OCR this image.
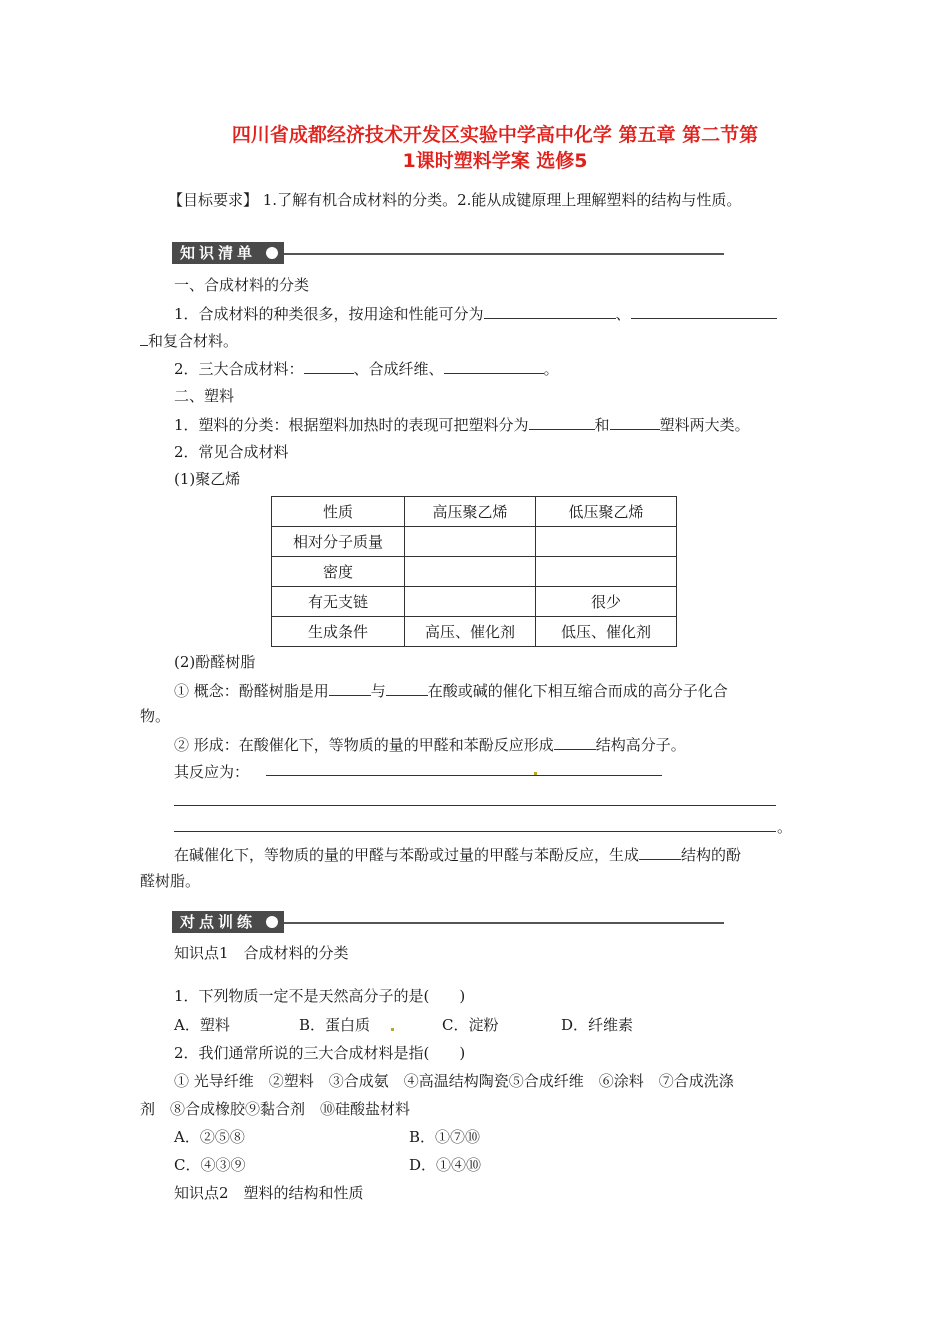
四川省成都经济技术开发区实验中学高中化学 第五章 第二节第
1课时塑料学案 选修5
【目标要求】 1.了解有机合成材料的分类。2.能从成键原理上理解塑料的结构与性质。
知识清单
一、合成材料的分类
1．合成材料的种类很多，按用途和性能可分为	、
和复合材料。
2．三大合成材料：	、合成纤维、	。
二、塑料
1．塑料的分类：根据塑料加热时的表现可把塑料分为	和	塑料两大类。
2．常见合成材料
(1)聚乙烯
性质	高压聚乙烯	低压聚乙烯
相对分子质量		
密度		
有无支链		很少
生成条件	高压、催化剂	低压、催化剂
(2)酚醛树脂
① 概念：酚醛树脂是用	与	在酸或碱的催化下相互缩合而成的高分子化合
物。
② 形成：在酸催化下，等物质的量的甲醛和苯酚反应形成	结构高分子。
其反应为：
。
在碱催化下，等物质的量的甲醛与苯酚或过量的甲醛与苯酚反应，生成	结构的酚
醛树脂。
对点训练
知识点1　合成材料的分类
1．下列物质一定不是天然高分子的是(　　)
A．塑料	B．蛋白质	C．淀粉	D．纤维素
2．我们通常所说的三大合成材料是指(　　)
① 光导纤维　②塑料　③合成氨　④高温结构陶瓷⑤合成纤维　⑥涂料　⑦合成洗涤
剂　⑧合成橡胶⑨黏合剂　⑩硅酸盐材料
A．②⑤⑧	B．①⑦⑩
C．④③⑨	D．①④⑩
知识点2　塑料的结构和性质
